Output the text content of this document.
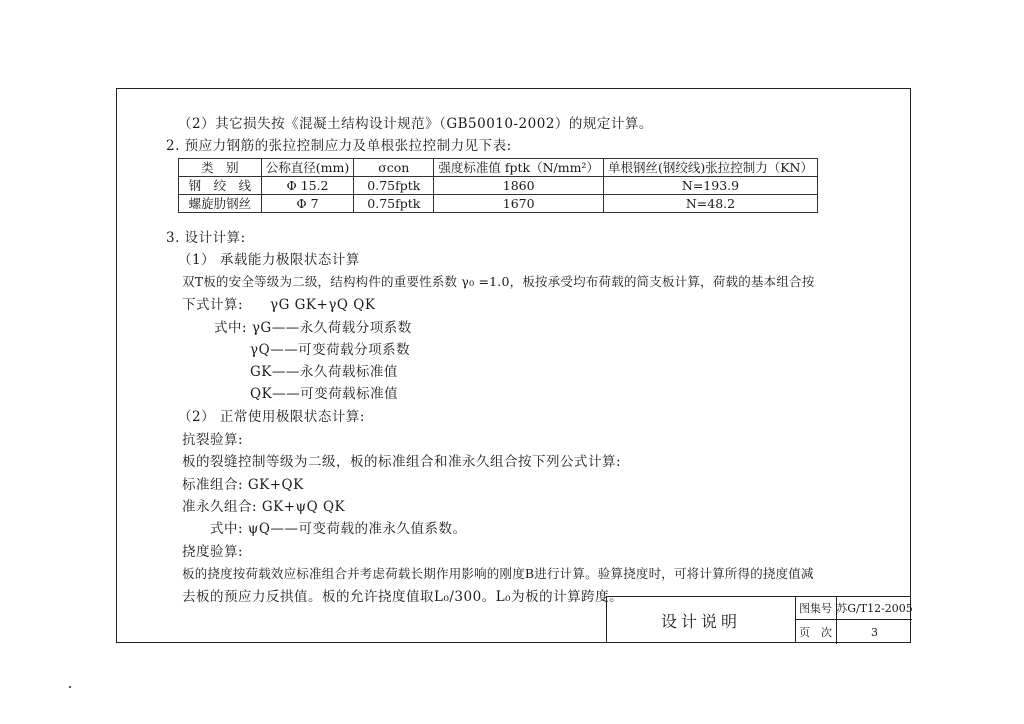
（2）其它损失按《混凝土结构设计规范》（GB50010-2002）的规定计算。
2. 预应力钢筋的张拉控制应力及单根张拉控制力见下表:
类　别	公称直径(mm)	σcon	强度标准值 fptk（N/mm²）	单根钢丝(钢绞线)张拉控制力（KN）
钢　绞　线	Φ 15.2	0.75fptk	1860	N=193.9
螺旋肋钢丝	Φ 7	0.75fptk	1670	N=48.2
3. 设计计算:
（1） 承载能力极限状态计算
双T板的安全等级为二级，结构构件的重要性系数 γ₀ =1.0，板按承受均布荷载的简支板计算，荷载的基本组合按
下式计算: γG GK+γQ QK
式中: γG——永久荷载分项系数
γQ——可变荷载分项系数
GK——永久荷载标准值
QK——可变荷载标准值
（2） 正常使用极限状态计算:
抗裂验算:
板的裂缝控制等级为二级，板的标准组合和准永久组合按下列公式计算:
标准组合: GK+QK
准永久组合: GK+ψQ QK
式中: ψQ——可变荷载的准永久值系数。
挠度验算:
板的挠度按荷载效应标准组合并考虑荷载长期作用影响的刚度B进行计算。验算挠度时，可将计算所得的挠度值减
去板的预应力反拱值。板的允许挠度值取L₀/300。L₀为板的计算跨度。
设计说明
图集号 苏G/T12-2005
页　次	3
